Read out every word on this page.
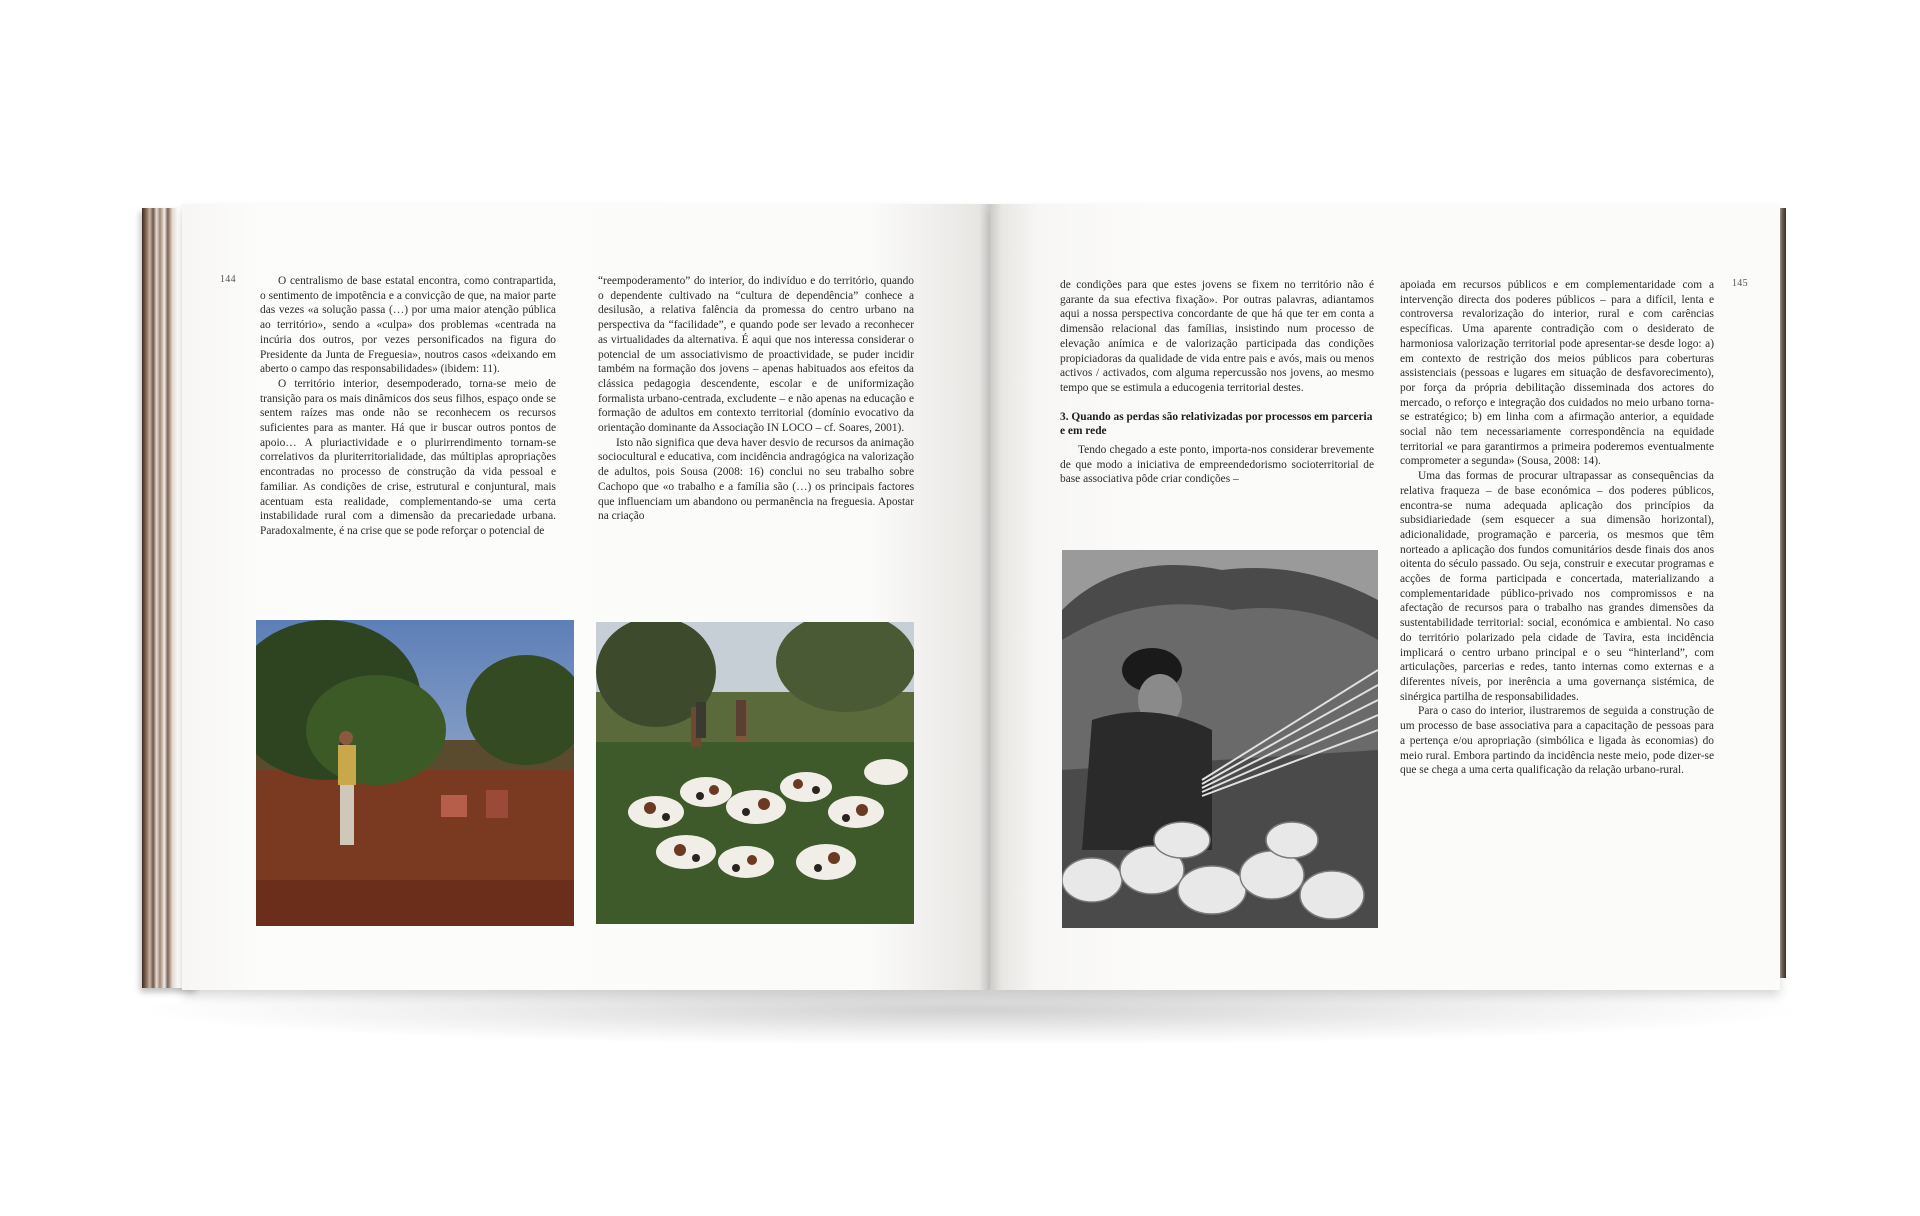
144	O centralismo de base estatal encontra, como contrapartida, o sentimento de impotência e a convicção de que, na maior parte das vezes «a solução passa (…) por uma maior atenção pública ao território», sendo a «culpa» dos problemas «centrada na incúria dos outros, por vezes personificados na figura do Presidente da Junta de Freguesia», noutros casos «deixando em aberto o campo das responsabilidades» (ibidem: 11).

O território interior, desempoderado, torna-se meio de transição para os mais dinâmicos dos seus filhos, espaço onde se sentem raízes mas onde não se reconhecem os recursos suficientes para as manter. Há que ir buscar outros pontos de apoio… A pluriactividade e o plurirrendimento tornam-se correlativos da pluriterritorialidade, das múltiplas apropriações encontradas no processo de construção da vida pessoal e familiar. As condições de crise, estrutural e conjuntural, mais acentuam esta realidade, complementando-se uma certa instabilidade rural com a dimensão da precariedade urbana. Paradoxalmente, é na crise que se pode reforçar o potencial de

“reempoderamento” do interior, do indivíduo e do território, quando o dependente cultivado na “cultura de dependência” conhece a desilusão, a relativa falência da promessa do centro urbano na perspectiva da “facilidade”, e quando pode ser levado a reconhecer as virtualidades da alternativa. É aqui que nos interessa considerar o potencial de um associativismo de proactividade, se puder incidir também na formação dos jovens – apenas habituados aos efeitos da clássica pedagogia descendente, escolar e de uniformização formalista urbano-centrada, excludente – e não apenas na educação e formação de adultos em contexto territorial (domínio evocativo da orientação dominante da Associação IN LOCO – cf. Soares, 2001).

Isto não significa que deva haver desvio de recursos da animação sociocultural e educativa, com incidência andragógica na valorização de adultos, pois Sousa (2008: 16) conclui no seu trabalho sobre Cachopo que «o trabalho e a família são (…) os principais factores que influenciam um abandono ou permanência na freguesia. Apostar na criação

145

de condições para que estes jovens se fixem no território não é garante da sua efectiva fixação». Por outras palavras, adiantamos aqui a nossa perspectiva concordante de que há que ter em conta a dimensão relacional das famílias, insistindo num processo de elevação anímica e de valorização participada das condições propiciadoras da qualidade de vida entre pais e avós, mais ou menos activos / activados, com alguma repercussão nos jovens, ao mesmo tempo que se estimula a educogenia territorial destes.

3. Quando as perdas são relativizadas por processos em parceria e em rede

Tendo chegado a este ponto, importa-nos considerar brevemente de que modo a iniciativa de empreendedorismo socioterritorial de base associativa pôde criar condições –

apoiada em recursos públicos e em complementaridade com a intervenção directa dos poderes públicos – para a difícil, lenta e controversa revalorização do interior, rural e com carências específicas. Uma aparente contradição com o desiderato de harmoniosa valorização territorial pode apresentar-se desde logo: a) em contexto de restrição dos meios públicos para coberturas assistenciais (pessoas e lugares em situação de desfavorecimento), por força da própria debilitação disseminada dos actores do mercado, o reforço e integração dos cuidados no meio urbano torna-se estratégico; b) em linha com a afirmação anterior, a equidade social não tem necessariamente correspondência na equidade territorial «e para garantirmos a primeira poderemos eventualmente comprometer a segunda» (Sousa, 2008: 14).

Uma das formas de procurar ultrapassar as consequências da relativa fraqueza – de base económica – dos poderes públicos, encontra-se numa adequada aplicação dos princípios da subsidiariedade (sem esquecer a sua dimensão horizontal), adicionalidade, programação e parceria, os mesmos que têm norteado a aplicação dos fundos comunitários desde finais dos anos oitenta do século passado. Ou seja, construir e executar programas e acções de forma participada e concertada, materializando a complementaridade público-privado nos compromissos e na afectação de recursos para o trabalho nas grandes dimensões da sustentabilidade territorial: social, económica e ambiental. No caso do território polarizado pela cidade de Tavira, esta incidência implicará o centro urbano principal e o seu “hinterland”, com articulações, parcerias e redes, tanto internas como externas e a diferentes níveis, por inerência a uma governança sistémica, de sinérgica partilha de responsabilidades.

Para o caso do interior, ilustraremos de seguida a construção de um processo de base associativa para a capacitação de pessoas para a pertença e/ou apropriação (simbólica e ligada às economias) do meio rural. Embora partindo da incidência neste meio, pode dizer-se que se chega a uma certa qualificação da relação urbano-rural.
